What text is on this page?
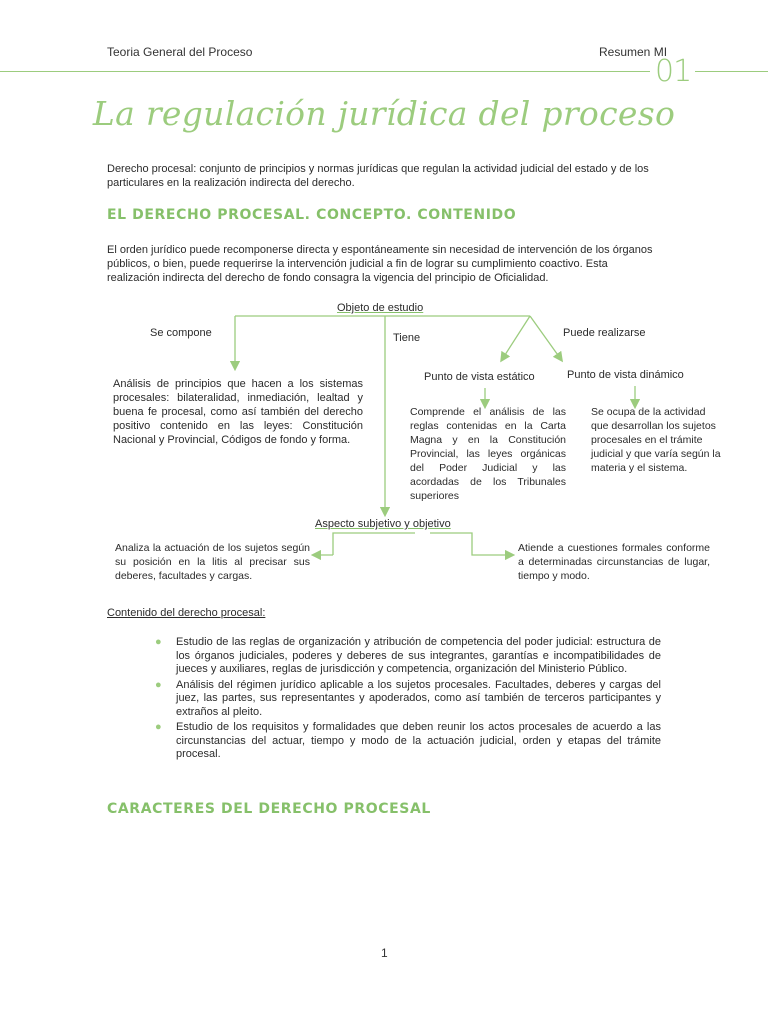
Teoria General del Proceso	Resumen MI
01
La regulación jurídica del proceso
Derecho procesal: conjunto de principios y normas jurídicas que regulan la actividad judicial del estado y de los particulares en la realización indirecta del derecho.
EL DERECHO PROCESAL. CONCEPTO. CONTENIDO
El orden jurídico puede recomponerse directa y espontáneamente sin necesidad de intervención de los órganos públicos, o bien, puede requerirse la intervención judicial a fin de lograr su cumplimiento coactivo. Esta realización indirecta del derecho de fondo consagra la vigencia del principio de Oficialidad.
Objeto de estudio
Se compone	Tiene	Puede realizarse
Análisis de principios que hacen a los sistemas procesales: bilateralidad, inmediación, lealtad y buena fe procesal, como así también del derecho positivo contenido en las leyes: Constitución Nacional y Provincial, Códigos de fondo y forma.
Punto de vista estático	Punto de vista dinámico
Comprende el análisis de las reglas contenidas en la Carta Magna y en la Constitución Provincial, las leyes orgánicas del Poder Judicial y las acordadas de los Tribunales superiores
Se ocupa de la actividad que desarrollan los sujetos procesales en el trámite judicial y que varía según la materia y el sistema.
Aspecto subjetivo y objetivo
Analiza la actuación de los sujetos según su posición en la litis al precisar sus deberes, facultades y cargas.
Atiende a cuestiones formales conforme a determinadas circunstancias de lugar, tiempo y modo.
Contenido del derecho procesal:
● Estudio de las reglas de organización y atribución de competencia del poder judicial: estructura de los órganos judiciales, poderes y deberes de sus integrantes, garantías e incompatibilidades de jueces y auxiliares, reglas de jurisdicción y competencia, organización del Ministerio Público.
● Análisis del régimen jurídico aplicable a los sujetos procesales. Facultades, deberes y cargas del juez, las partes, sus representantes y apoderados, como así también de terceros participantes y extraños al pleito.
● Estudio de los requisitos y formalidades que deben reunir los actos procesales de acuerdo a las circunstancias del actuar, tiempo y modo de la actuación judicial, orden y etapas del trámite procesal.
CARACTERES DEL DERECHO PROCESAL
1
